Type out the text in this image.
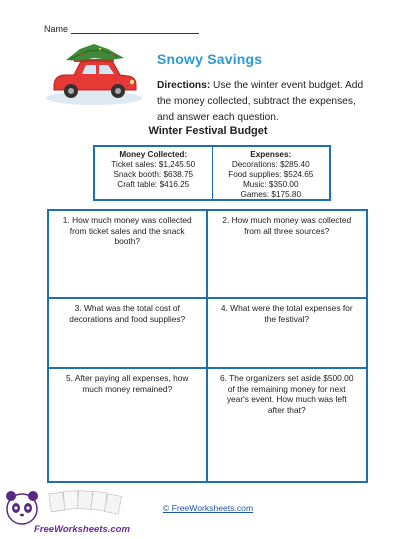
Name
Snowy Savings
Directions: Use the winter event budget. Add the money collected, subtract the expenses, and answer each question.
Winter Festival Budget
Money Collected:
Ticket sales: $1,245.50
Snack booth: $638.75
Craft table: $416.25
Expenses:
Decorations: $285.40
Food supplies: $524.65
Music: $350.00
Games: $175.80
1. How much money was collected from ticket sales and the snack booth?
2. How much money was collected from all three sources?
3. What was the total cost of decorations and food supplies?
4. What were the total expenses for the festival?
5. After paying all expenses, how much money remained?
6. The organizers set aside $500.00 of the remaining money for next year's event. How much was left after that?
FreeWorksheets.com
© FreeWorksheets.com
